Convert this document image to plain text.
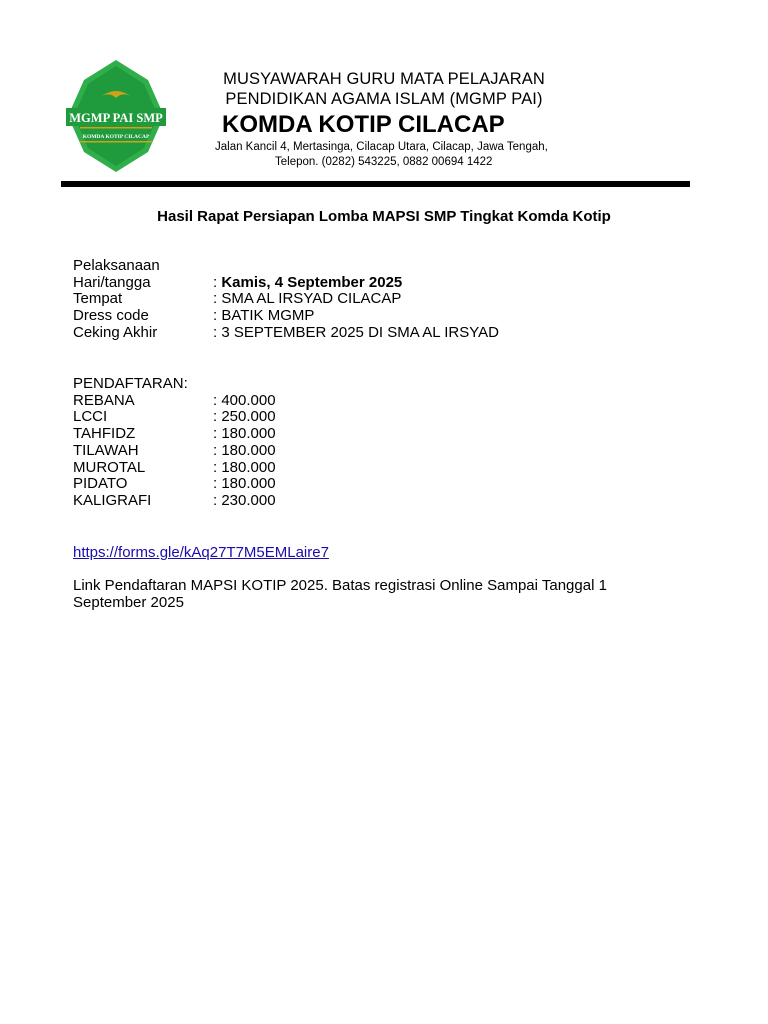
MGMP PAI SMP
KOMDA KOTIP CILACAP
MUSYAWARAH GURU MATA PELAJARAN
PENDIDIKAN AGAMA ISLAM (MGMP PAI)
KOMDA KOTIP CILACAP
Jalan Kancil 4, Mertasinga, Cilacap Utara, Cilacap, Jawa Tengah,
Telepon. (0282) 543225, 0882 00694 1422
Hasil Rapat Persiapan Lomba MAPSI SMP Tingkat Komda Kotip
Pelaksanaan
Hari/tangga	: Kamis, 4 September 2025
Tempat	: SMA AL IRSYAD CILACAP
Dress code	: BATIK MGMP
Ceking Akhir	: 3 SEPTEMBER 2025 DI SMA AL IRSYAD
PENDAFTARAN:
REBANA	: 400.000
LCCI	: 250.000
TAHFIDZ	: 180.000
TILAWAH	: 180.000
MUROTAL	: 180.000
PIDATO	: 180.000
KALIGRAFI	: 230.000
https://forms.gle/kAq27T7M5EMLaire7
Link Pendaftaran MAPSI KOTIP 2025. Batas registrasi Online Sampai Tanggal 1 September 2025
